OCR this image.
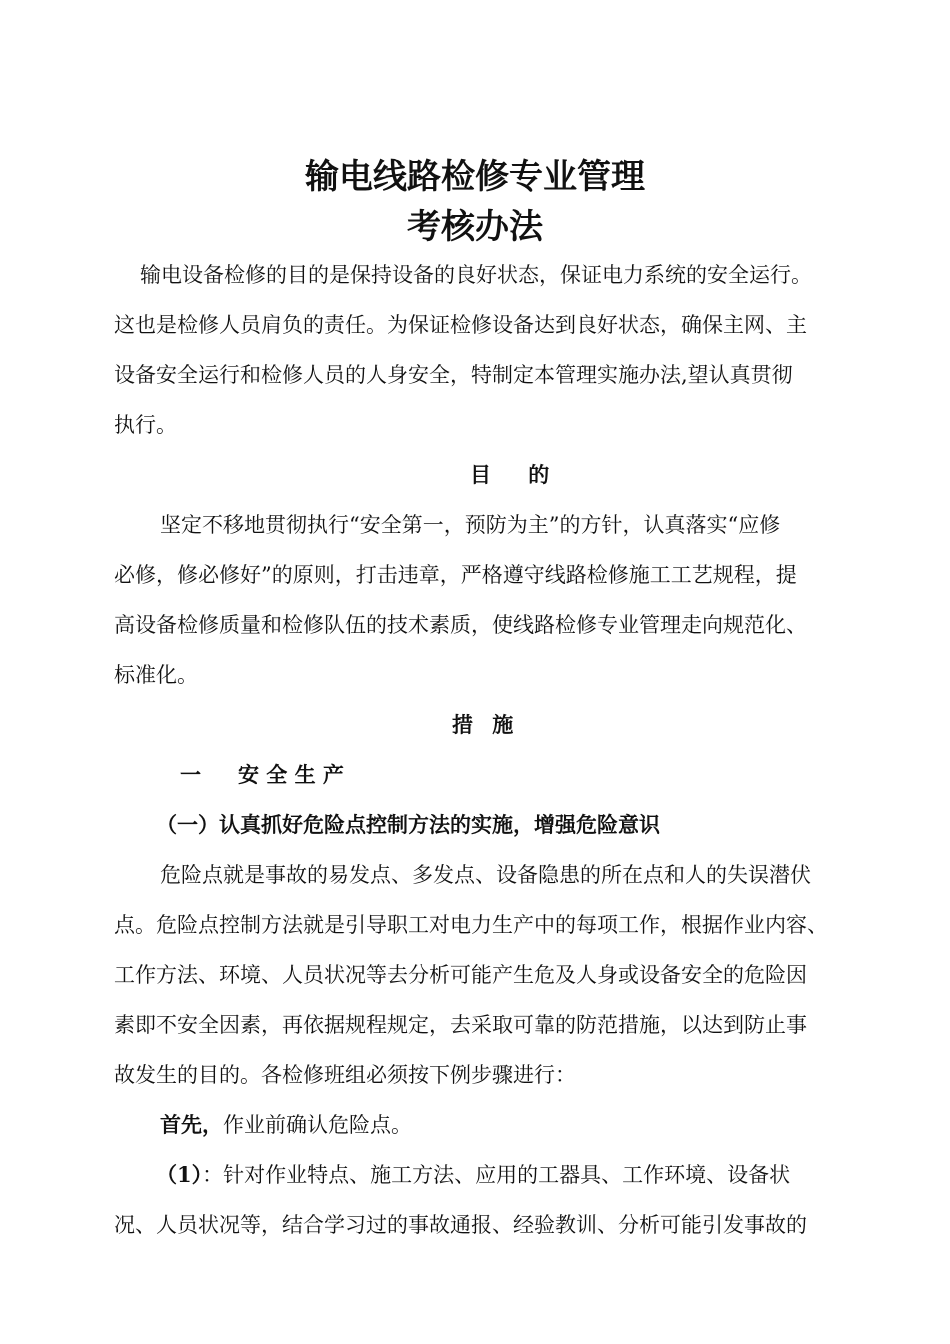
输电线路检修专业管理
考核办法
输电设备检修的目的是保持设备的良好状态，保证电力系统的安全运行。
这也是检修人员肩负的责任。为保证检修设备达到良好状态，确保主网、主
设备安全运行和检修人员的人身安全，特制定本管理实施办法,望认真贯彻
执行。
目 的
坚定不移地贯彻执行“安全第一，预防为主”的方针，认真落实“应修
必修，修必修好”的原则，打击违章，严格遵守线路检修施工工艺规程，提
高设备检修质量和检修队伍的技术素质，使线路检修专业管理走向规范化、
标准化。
措 施
一 安 全 生 产
（一）认真抓好危险点控制方法的实施，增强危险意识
危险点就是事故的易发点、多发点、设备隐患的所在点和人的失误潜伏
点。危险点控制方法就是引导职工对电力生产中的每项工作，根据作业内容、
工作方法、环境、人员状况等去分析可能产生危及人身或设备安全的危险因
素即不安全因素，再依据规程规定，去采取可靠的防范措施，以达到防止事
故发生的目的。各检修班组必须按下例步骤进行：
首先，作业前确认危险点。
（1）：针对作业特点、施工方法、应用的工器具、工作环境、设备状
况、人员状况等，结合学习过的事故通报、经验教训、分析可能引发事故的
